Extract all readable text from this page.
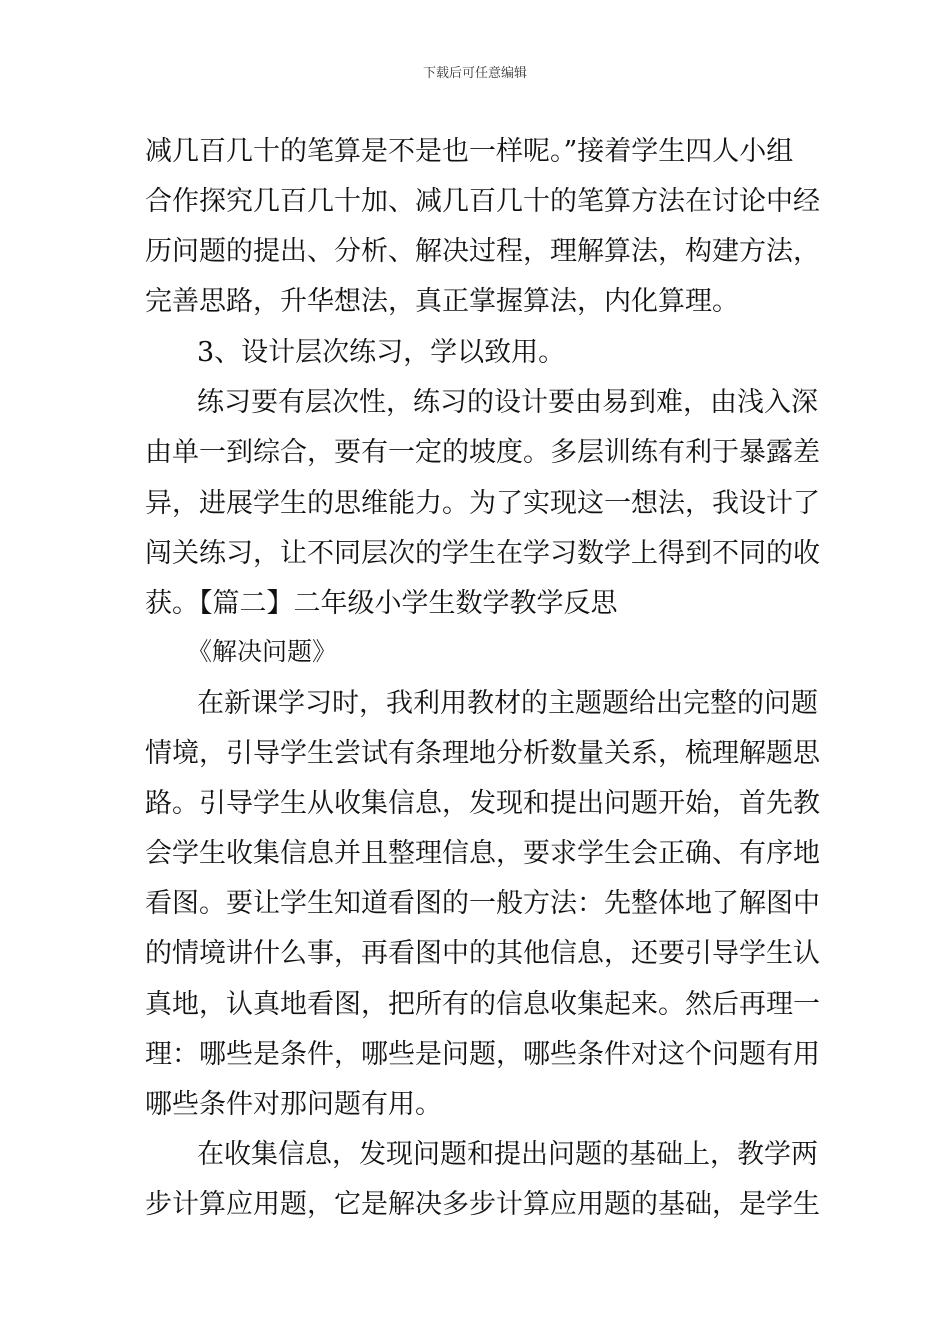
下载后可任意编辑
减几百几十的笔算是不是也一样呢。”接着学生四人小组
合作探究几百几十加、减几百几十的笔算方法在讨论中经
历问题的提出、分析、解决过程，理解算法，构建方法，
完善思路，升华想法，真正掌握算法，内化算理。
3、设计层次练习，学以致用。
练习要有层次性，练习的设计要由易到难，由浅入深
由单一到综合，要有一定的坡度。多层训练有利于暴露差
异，进展学生的思维能力。为了实现这一想法，我设计了
闯关练习，让不同层次的学生在学习数学上得到不同的收
获。【篇二】二年级小学生数学教学反思
《解决问题》
在新课学习时，我利用教材的主题题给出完整的问题
情境，引导学生尝试有条理地分析数量关系，梳理解题思
路。引导学生从收集信息，发现和提出问题开始，首先教
会学生收集信息并且整理信息，要求学生会正确、有序地
看图。要让学生知道看图的一般方法：先整体地了解图中
的情境讲什么事，再看图中的其他信息，还要引导学生认
真地，认真地看图，把所有的信息收集起来。然后再理一
理：哪些是条件，哪些是问题，哪些条件对这个问题有用
哪些条件对那问题有用。
在收集信息，发现问题和提出问题的基础上，教学两
步计算应用题，它是解决多步计算应用题的基础，是学生
